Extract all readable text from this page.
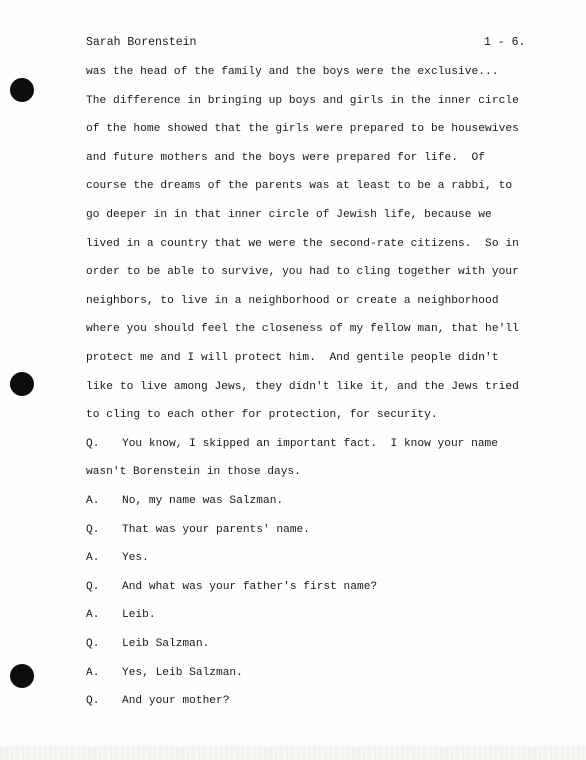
Sarah Borenstein	1 - 6.
was the head of the family and the boys were the exclusive...
The difference in bringing up boys and girls in the inner circle
of the home showed that the girls were prepared to be housewives
and future mothers and the boys were prepared for life.  Of
course the dreams of the parents was at least to be a rabbi, to
go deeper in in that inner circle of Jewish life, because we
lived in a country that we were the second-rate citizens.  So in
order to be able to survive, you had to cling together with your
neighbors, to live in a neighborhood or create a neighborhood
where you should feel the closeness of my fellow man, that he'll
protect me and I will protect him.  And gentile people didn't
like to live among Jews, they didn't like it, and the Jews tried
to cling to each other for protection, for security.
Q. You know, I skipped an important fact.  I know your name
wasn't Borenstein in those days.
A. No, my name was Salzman.
Q. That was your parents' name.
A. Yes.
Q. And what was your father's first name?
A. Leib.
Q. Leib Salzman.
A. Yes, Leib Salzman.
Q. And your mother?
